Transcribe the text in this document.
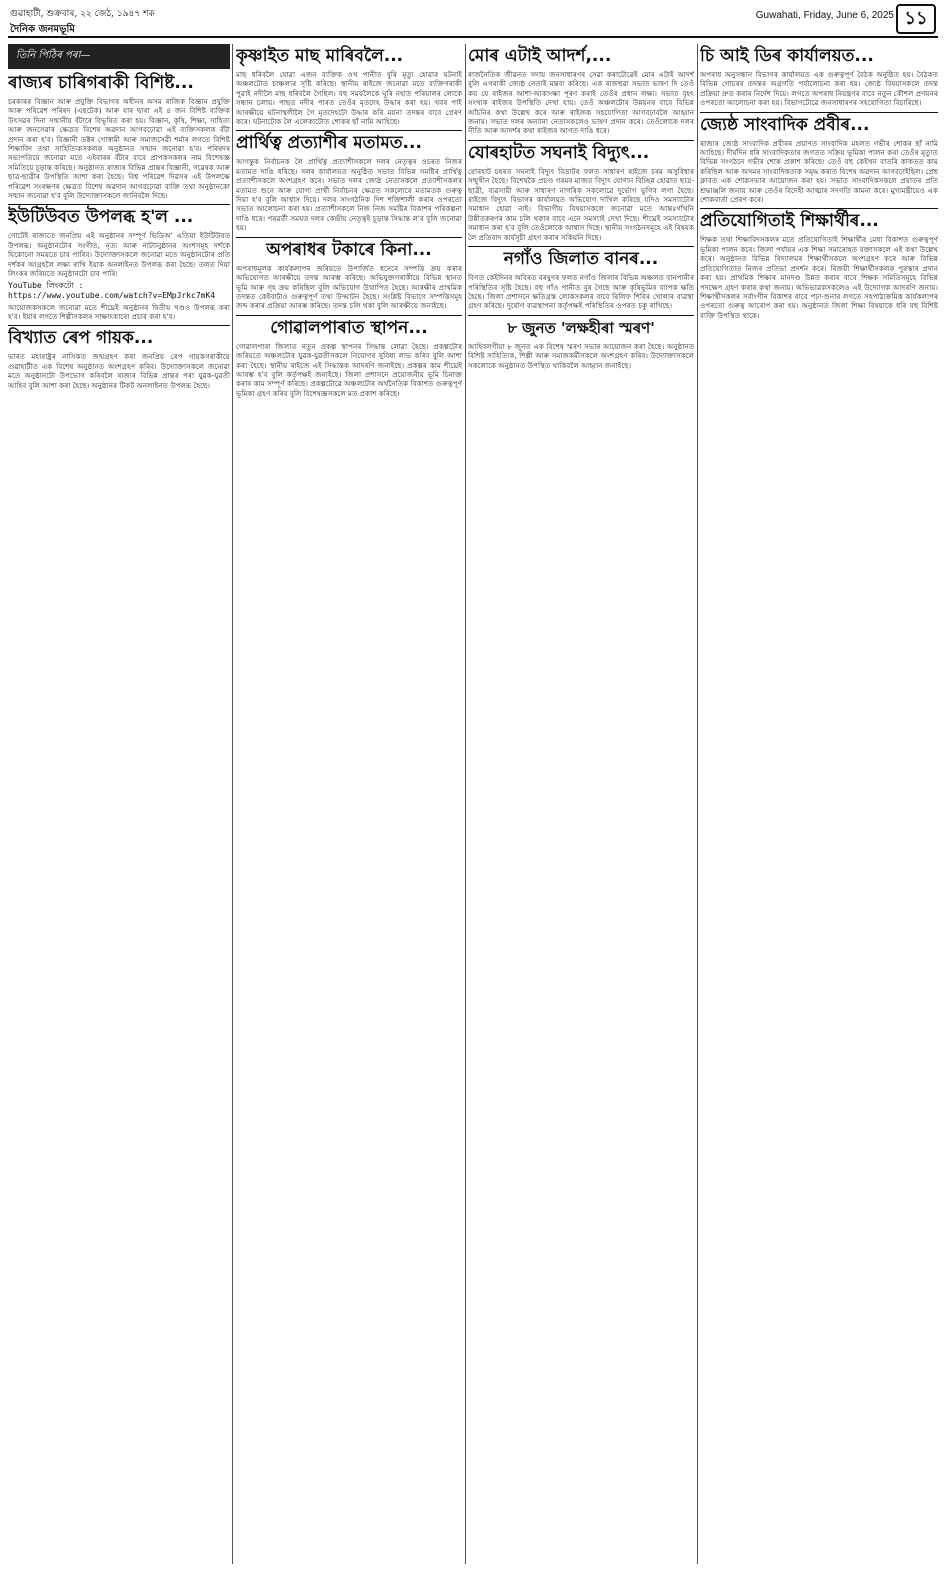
গুৱাহাটী, শুক্ৰবাৰ, ২২ জেঠ, ১৯৪৭ শক
দৈনিক জনমভূমি
Guwahati, Friday, June 6, 2025 ১১
তিনি পিঠিৰ পৰা—
ৰাজ্যৰ চাৰিগৰাকী বিশিষ্ট...

চৰকাৰৰ বিজ্ঞান আৰু প্ৰযুক্তি বিভাগৰ অধীনৰ অসম ৰাজিক বিজ্ঞান প্ৰযুক্তি আৰু পৰিৱেশ পৰিষদ (এছটেক) আৰু যাৰ দ্বাৰা এই ৪ জন বিশিষ্ট ব্যক্তিক উৎসৱৰ দিনা সন্মানীয় বঁটাৰে বিভূষিত কৰা হয়। বিজ্ঞান, কৃষি, শিক্ষা, সাহিত্য আৰু জনসেৱাৰ ক্ষেত্ৰত বিশেষ অৱদান আগবঢ়োৱা এই ব্যক্তিসকলক বঁটা প্ৰদান কৰা হ'ব। বিজ্ঞানী ডক্টৰ গোস্বামী আৰু সমাজসেৱী শৰ্মাৰ লগতে বিশিষ্ট শিক্ষাবিদ তথা সাহিত্যিকসকলক অনুষ্ঠানত সন্মান জনোৱা হ'ব। পৰিষদৰ সভাপতিয়ে জনোৱা মতে এইবাৰৰ বঁটাৰ বাবে প্ৰাপকসকলৰ নাম বিশেষজ্ঞ সমিতিয়ে চূড়ান্ত কৰিছে। অনুষ্ঠানত ৰাজ্যৰ বিভিন্ন প্ৰান্তৰ বিজ্ঞানী, গৱেষক আৰু ছাত্ৰ-ছাত্ৰীৰ উপস্থিতি আশা কৰা হৈছে। বিশ্ব পৰিৱেশ দিৱসৰ এই উপলক্ষে পৰিৱেশ সংৰক্ষণৰ ক্ষেত্ৰত বিশেষ অৱদান আগবঢ়োৱা ব্যক্তি তথা অনুষ্ঠানকো সন্মান জনোৱা হ'ব বুলি উদ্যোক্তাসকলে জানিবলৈ দিছে।

ইউটিউবত উপলব্ধ হ'ল ...

গোটেই ৰাজ্যতে জনপ্ৰিয় এই অনুষ্ঠানৰ সম্পূৰ্ণ ভিডিঅ' এতিয়া ইউটিউবত উপলব্ধ। অনুষ্ঠানটোৰ সংগীত, নৃত্য আৰু নাট্যানুষ্ঠানৰ অংশসমূহ দৰ্শকে যিকোনো সময়তে চাব পাৰিব। উদ্যোক্তাসকলে জনোৱা মতে অনুষ্ঠানটোৰ প্ৰতি দৰ্শকৰ আগ্ৰহলৈ লক্ষ্য ৰাখি ইয়াক অনলাইনত উপলব্ধ কৰা হৈছে। তলত দিয়া লিংকৰ জৰিয়তে অনুষ্ঠানটো চাব পাৰি।

YouTube লিংকটো : https://www.youtube.com/watch?v=EMpJrkc7mK4

আয়োজকসকলে জনোৱা মতে শীঘ্ৰেই অনুষ্ঠানৰ দ্বিতীয় খণ্ডও উপলব্ধ কৰা হ'ব। ইয়াৰ লগতে শিল্পীসকলৰ সাক্ষাৎকাৰো প্ৰচাৰ কৰা হ'ব।

বিখ্যাত ৰেপ গায়ক...

ভাৰত মহাৰাষ্ট্ৰৰ নাসিকত জন্মগ্ৰহণ কৰা জনপ্ৰিয় ৰেপ গায়কগৰাকীয়ে গুৱাহাটীত এক বিশেষ অনুষ্ঠানত অংশগ্ৰহণ কৰিব। উদ্যোক্তাসকলে জনোৱা মতে অনুষ্ঠানটো উপভোগ কৰিবলৈ ৰাজ্যৰ বিভিন্ন প্ৰান্তৰ পৰা যুৱক-যুৱতী আহিব বুলি আশা কৰা হৈছে। অনুষ্ঠানৰ টিকট অনলাইনত উপলব্ধ হৈছে।

কৃষ্ণাইত মাছ মাৰিবলৈ...

মাছ ধৰিবলৈ যোৱা এজন ব্যক্তিক ওখ পানীত বুৰি মৃত্যু হোৱাৰ ঘটনাই অঞ্চলটোত চাঞ্চল্যৰ সৃষ্টি কৰিছে। স্থানীয় ৰাইজে জনোৱা মতে ব্যক্তিগৰাকী পুৱাই নদীলৈ মাছ ধৰিবলৈ গৈছিল। বহু সময়লৈকে ঘূৰি নহাত পৰিয়ালৰ লোকে সন্ধান চলায়। পাছত নদীৰ পাৰত তেওঁৰ মৃতদেহ উদ্ধাৰ কৰা হয়। খবৰ পাই আৰক্ষীয়ে ঘটনাস্থলীলৈ গৈ মৃতদেহটো উদ্ধাৰ কৰি ময়না তদন্তৰ বাবে প্ৰেৰণ কৰে। ঘটনাটোক লৈ এলেকাটোত শোকৰ ছাঁ নামি আহিছে।

প্ৰাৰ্থিত্ব প্ৰত্যাশীৰ মতামত...

আগন্তুক নিৰ্বাচনক লৈ প্ৰাৰ্থিত্ব প্ৰত্যাশীসকলে দলৰ নেতৃত্বৰ ওচৰত নিজৰ মতামত দাঙি ধৰিছে। দলৰ কাৰ্যালয়ত অনুষ্ঠিত সভাত বিভিন্ন সমষ্টিৰ প্ৰাৰ্থিত্ব প্ৰত্যাশীসকলে অংশগ্ৰহণ কৰে। সভাত দলৰ জ্যেষ্ঠ নেতাসকলে প্ৰত্যাশীসকলৰ মতামত শুনে আৰু যোগ্য প্ৰাৰ্থী নিৰ্বাচনৰ ক্ষেত্ৰত সকলোৰে মতামতক গুৰুত্ব দিয়া হ'ব বুলি আশ্বাস দিয়ে। দলৰ সাংগঠনিক দিশ শক্তিশালী কৰাৰ ওপৰতো সভাত আলোচনা কৰা হয়। প্ৰত্যাশীসকলে নিজ নিজ সমষ্টিৰ বিকাশৰ পৰিকল্পনা দাঙি ধৰে। পৰৱৰ্তী সময়ত দলৰ কেন্দ্ৰীয় নেতৃত্বই চূড়ান্ত সিদ্ধান্ত ল'ব বুলি জনোৱা হয়।

অপৰাধৰ টকাৰে কিনা...

অপৰাধমূলক কাৰ্যকলাপৰ জৰিয়তে উপাৰ্জিত ধনেৰে সম্পত্তি ক্ৰয় কৰাৰ অভিযোগত আৰক্ষীয়ে তদন্ত আৰম্ভ কৰিছে। অভিযুক্তগৰাকীয়ে বিভিন্ন স্থানত ভূমি আৰু গৃহ ক্ৰয় কৰিছিল বুলি অভিযোগ উত্থাপিত হৈছে। আৰক্ষীৰ প্ৰাথমিক তদন্তত কেইবাটাও গুৰুত্বপূৰ্ণ তথ্য উদ্ঘাটন হৈছে। সংশ্লিষ্ট বিভাগে সম্পত্তিসমূহ জব্দ কৰাৰ প্ৰক্ৰিয়া আৰম্ভ কৰিছে। তদন্ত চলি থকা বুলি আৰক্ষীয়ে জনাইছে।

গোৱালপাৰাত স্থাপন...

গোৱালপাৰা জিলাত নতুন প্ৰকল্প স্থাপনৰ সিদ্ধান্ত লোৱা হৈছে। প্ৰকল্পটোৰ জৰিয়তে অঞ্চলটোৰ যুৱক-যুৱতীসকলে নিয়োগৰ সুবিধা লাভ কৰিব বুলি আশা কৰা হৈছে। স্থানীয় ৰাইজে এই সিদ্ধান্তক আদৰণি জনাইছে। প্ৰকল্পৰ কাম শীঘ্ৰেই আৰম্ভ হ'ব বুলি কৰ্তৃপক্ষই জনাইছে। জিলা প্ৰশাসনে প্ৰয়োজনীয় ভূমি চিনাক্ত কৰাৰ কাম সম্পূৰ্ণ কৰিছে। প্ৰকল্পটোৱে অঞ্চলটোৰ অৰ্থনৈতিক বিকাশত গুৰুত্বপূৰ্ণ ভূমিকা গ্ৰহণ কৰিব বুলি বিশেষজ্ঞসকলে মত প্ৰকাশ কৰিছে।

মোৰ এটাই আদৰ্শ,...

ৰাজনৈতিক জীৱনত সদায় জনসাধাৰণৰ সেৱা কৰাটোৱেই মোৰ এটাই আদৰ্শ বুলি এগৰাকী জ্যেষ্ঠ নেতাই মন্তব্য কৰিছে। এক ৰাজহুৱা সভাত ভাষণ দি তেওঁ কয় যে ৰাইজৰ আশা-আকাংক্ষা পূৰণ কৰাই তেওঁৰ প্ৰধান লক্ষ্য। সভাত বৃহৎ সংখ্যক ৰাইজৰ উপস্থিতি দেখা যায়। তেওঁ অঞ্চলটোৰ উন্নয়নৰ বাবে বিভিন্ন আঁচনিৰ কথা উল্লেখ কৰে আৰু ৰাইজক সহযোগিতা আগবঢ়াবলৈ আহ্বান জনায়। সভাত দলৰ অন্যান্য নেতাসকলেও ভাষণ প্ৰদান কৰে। তেওঁলোকে দলৰ নীতি আৰু আদৰ্শৰ কথা ৰাইজৰ আগত দাঙি ধৰে।

যোৰহাটত সঘনাই বিদ্যুৎ...

যোৰহাট চহৰত সঘনাই বিদ্যুৎ বিভ্ৰাটৰ ফলত সাধাৰণ ৰাইজে চৰম অসুবিধাৰ সন্মুখীন হৈছে। বিশেষকৈ প্ৰচণ্ড গৰমৰ মাজত বিদ্যুৎ যোগান বিচ্ছিন্ন হোৱাত ছাত্ৰ-ছাত্ৰী, ব্যৱসায়ী আৰু সাধাৰণ নাগৰিক সকলোৱে দুৰ্ভোগ ভুগিব লগা হৈছে। ৰাইজে বিদ্যুৎ বিভাগৰ কাৰ্যালয়ত অভিযোগ দাখিল কৰিছে যদিও সমস্যাটোৰ সমাধান হোৱা নাই। বিভাগীয় বিষয়াসকলে জনোৱা মতে আন্তঃগাঁথনি উন্নীতকৰণৰ কাম চলি থকাৰ বাবে এনে সমস্যাই দেখা দিছে। শীঘ্ৰেই সমস্যাটোৰ সমাধান কৰা হ'ব বুলি তেওঁলোকে আশ্বাস দিছে। স্থানীয় সংগঠনসমূহে এই বিষয়ক লৈ প্ৰতিবাদ কাৰ্যসূচী গ্ৰহণ কৰাৰ সকিয়নি দিছে।

নগাঁও জিলাত বানৰ...

বিগত কেইদিনৰ অবিৰত বৰষুণৰ ফলত নগাঁও জিলাৰ বিভিন্ন অঞ্চলত বানপানীৰ পৰিস্থিতিৰ সৃষ্টি হৈছে। বহু গাঁও পানীত বুৰ গৈছে আৰু কৃষিভূমিৰ ব্যাপক ক্ষতি হৈছে। জিলা প্ৰশাসনে ক্ষতিগ্ৰস্ত লোকসকলৰ বাবে ৰিলিফ শিবিৰ খোলাৰ ব্যৱস্থা গ্ৰহণ কৰিছে। দুৰ্যোগ ব্যৱস্থাপনা কৰ্তৃপক্ষই পৰিস্থিতিৰ ওপৰত চকু ৰাখিছে।

৮ জুনত 'লক্ষহীৰা স্মৰণ'

আহিবলগীয়া ৮ জুনত এক বিশেষ স্মৰণ সভাৰ আয়োজন কৰা হৈছে। অনুষ্ঠানত বিশিষ্ট সাহিত্যিক, শিল্পী আৰু সমাজকৰ্মীসকলে অংশগ্ৰহণ কৰিব। উদ্যোক্তাসকলে সকলোকে অনুষ্ঠানত উপস্থিত থাকিবলৈ আহ্বান জনাইছে।

চি আই ডিৰ কাৰ্যালয়ত...

অপৰাধ অনুসন্ধান বিভাগৰ কাৰ্যালয়ত এক গুৰুত্বপূৰ্ণ বৈঠক অনুষ্ঠিত হয়। বৈঠকত বিভিন্ন গোচৰৰ তদন্তৰ অগ্ৰগতি পৰ্যালোচনা কৰা হয়। জ্যেষ্ঠ বিষয়াসকলে তদন্ত প্ৰক্ৰিয়া দ্ৰুত কৰাৰ নিৰ্দেশ দিয়ে। লগতে অপৰাধ নিয়ন্ত্ৰণৰ বাবে নতুন কৌশল প্ৰণয়নৰ ওপৰতো আলোচনা কৰা হয়। বিভাগটোৱে জনসাধাৰণৰ সহযোগিতা বিচাৰিছে।

জ্যেষ্ঠ সাংবাদিক প্ৰবীৰ...

ৰাজ্যৰ জ্যেষ্ঠ সাংবাদিক প্ৰবীৰৰ প্ৰয়াণত সাংবাদিক মহলত গভীৰ শোকৰ ছাঁ নামি আহিছে। দীৰ্ঘদিন ধৰি সাংবাদিকতাৰ জগতত সক্ৰিয় ভূমিকা পালন কৰা তেওঁৰ মৃত্যুত বিভিন্ন সংগঠনে গভীৰ শোক প্ৰকাশ কৰিছে। তেওঁ বহু কেইখন বাতৰি কাকতত কাম কৰিছিল আৰু অসমৰ সাংবাদিকতাক সমৃদ্ধ কৰাত বিশেষ অৱদান আগবঢ়াইছিল। প্ৰেছ ক্লাবত এক শোকসভাৰ আয়োজন কৰা হয়। সভাত সাংবাদিকসকলে প্ৰয়াতৰ প্ৰতি শ্ৰদ্ধাঞ্জলি জনায় আৰু তেওঁৰ বিদেহী আত্মাৰ সদগতি কামনা কৰে। মুখ্যমন্ত্ৰীয়েও এক শোকবাৰ্তা প্ৰেৰণ কৰে।

প্ৰতিযোগিতাই শিক্ষাৰ্থীৰ...

শিক্ষক তথা শিক্ষাবিদসকলৰ মতে প্ৰতিযোগিতাই শিক্ষাৰ্থীৰ মেধা বিকাশত গুৰুত্বপূৰ্ণ ভূমিকা পালন কৰে। জিলা পৰ্যায়ৰ এক শিক্ষা সমাৰোহত বক্তাসকলে এই কথা উল্লেখ কৰে। অনুষ্ঠানত বিভিন্ন বিদ্যালয়ৰ শিক্ষাৰ্থীসকলে অংশগ্ৰহণ কৰে আৰু বিভিন্ন প্ৰতিযোগিতাত নিজৰ প্ৰতিভা প্ৰদৰ্শন কৰে। বিজয়ী শিক্ষাৰ্থীসকলক পুৰস্কাৰ প্ৰদান কৰা হয়। প্ৰাথমিক শিক্ষাৰ মানদণ্ড উন্নত কৰাৰ বাবে শিক্ষক সমিতিসমূহে বিভিন্ন পদক্ষেপ গ্ৰহণ কৰাৰ কথা জনায়। অভিভাৱকসকলেও এই উদ্যোগক আদৰণি জনায়। শিক্ষাৰ্থীসকলৰ সৰ্বাংগীন বিকাশৰ বাবে পঢ়া-শুনাৰ লগতে সহপাঠ্যক্ৰমিক কাৰ্যকলাপৰ ওপৰতো গুৰুত্ব আৰোপ কৰা হয়। অনুষ্ঠানত জিলা শিক্ষা বিষয়াকে ধৰি বহু বিশিষ্ট ব্যক্তি উপস্থিত থাকে।
